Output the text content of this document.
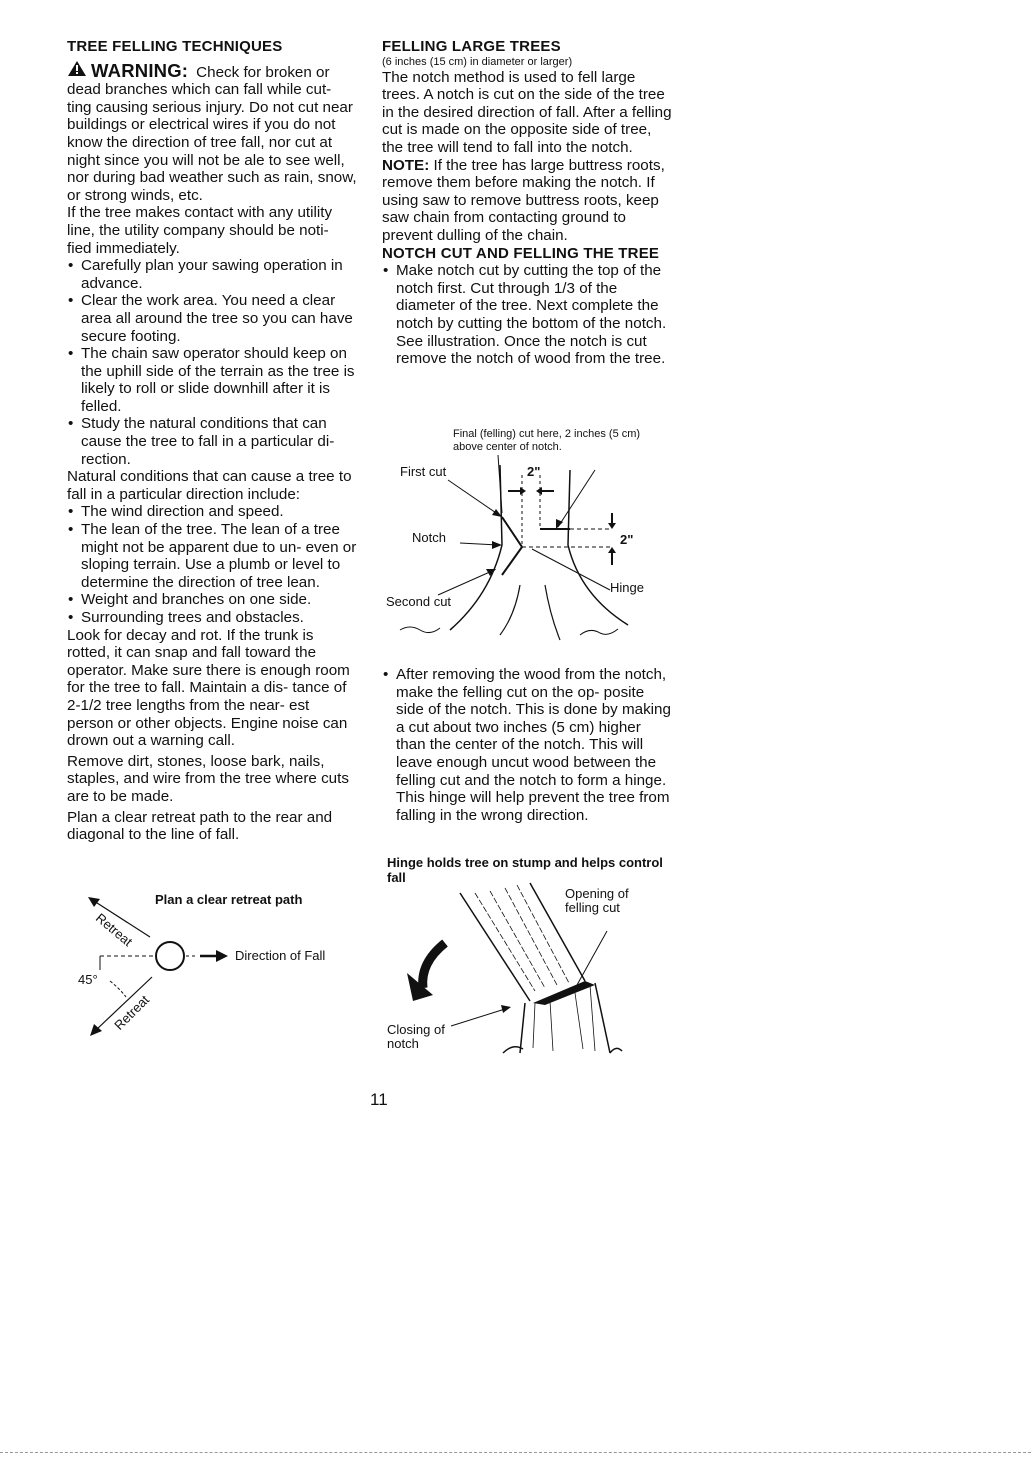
TREE FELLING TECHNIQUES

WARNING: Check for broken or

dead branches which can fall while cut- ting causing serious injury. Do not cut near buildings or electrical wires if you do not know the direction of tree fall, nor cut at night since you will not be ale to see well, nor during bad weather such as rain, snow, or strong winds, etc.

If the tree makes contact with any utility line, the utility company should be noti- fied immediately.

• Carefully plan your sawing operation in advance.

• Clear the work area. You need a clear area all around the tree so you can have secure footing.

• The chain saw operator should keep on the uphill side of the terrain as the tree is likely to roll or slide downhill after it is felled.

• Study the natural conditions that can cause the tree to fall in a particular di- rection.

Natural conditions that can cause a tree to fall in a particular direction include:

• The wind direction and speed.

• The lean of the tree. The lean of a tree might not be apparent due to un- even or sloping terrain. Use a plumb or level to determine the direction of tree lean.

• Weight and branches on one side.

• Surrounding trees and obstacles.

Look for decay and rot. If the trunk is rotted, it can snap and fall toward the operator. Make sure there is enough room for the tree to fall. Maintain a dis- tance of 2-1/2 tree lengths from the near- est person or other objects. Engine noise can drown out a warning call.

Remove dirt, stones, loose bark, nails, staples, and wire from the tree where cuts are to be made.

Plan a clear retreat path to the rear and diagonal to the line of fall.

Plan a clear retreat path
Retreat
Retreat
Direction of Fall
45°

FELLING LARGE TREES

(6 inches (15 cm) in diameter or larger)

The notch method is used to fell large trees. A notch is cut on the side of the tree in the desired direction of fall. After a felling cut is made on the opposite side of tree, the tree will tend to fall into the notch.

NOTE: If the tree has large buttress roots, remove them before making the notch. If using saw to remove buttress roots, keep saw chain from contacting ground to prevent dulling of the chain.

NOTCH CUT AND FELLING THE TREE

• Make notch cut by cutting the top of the notch first. Cut through 1/3 of the diameter of the tree. Next complete the notch by cutting the bottom of the notch. See illustration. Once the notch is cut remove the notch of wood from the tree.

Final (felling) cut here, 2 inches (5 cm) above center of notch.
First cut
Notch
Second cut
Hinge
2"
2"

• After removing the wood from the notch, make the felling cut on the op- posite side of the notch. This is done by making a cut about two inches (5 cm) higher than the center of the notch. This will leave enough uncut wood between the felling cut and the notch to form a hinge. This hinge will help prevent the tree from falling in the wrong direction.

Hinge holds tree on stump and helps control fall
Opening of felling cut
Closing of notch
11
